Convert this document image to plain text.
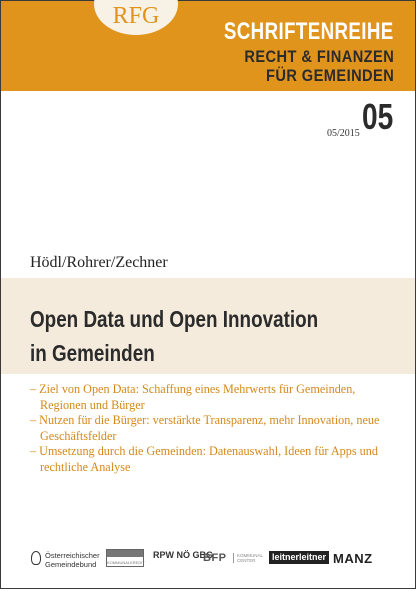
RFG
SCHRIFTENREIHE
RECHT & FINANZEN
FÜR GEMEINDEN
05/2015 05
Hödl/Rohrer/Zechner
Open Data und Open Innovation
in Gemeinden
– Ziel von Open Data: Schaffung eines Mehrwerts für Gemeinden, Regionen und Bürger
– Nutzen für die Bürger: verstärkte Transparenz, mehr Innovation, neue Geschäftsfelder
– Umsetzung durch die Gemeinden: Datenauswahl, Ideen für Apps und rechtliche Analyse
Österreichischer
Gemeindebund	KOMMUNALKREDIT
RPW NÖ GBG
BFP KOMMUNAL
CENTER	leitnerleitner MANZ
